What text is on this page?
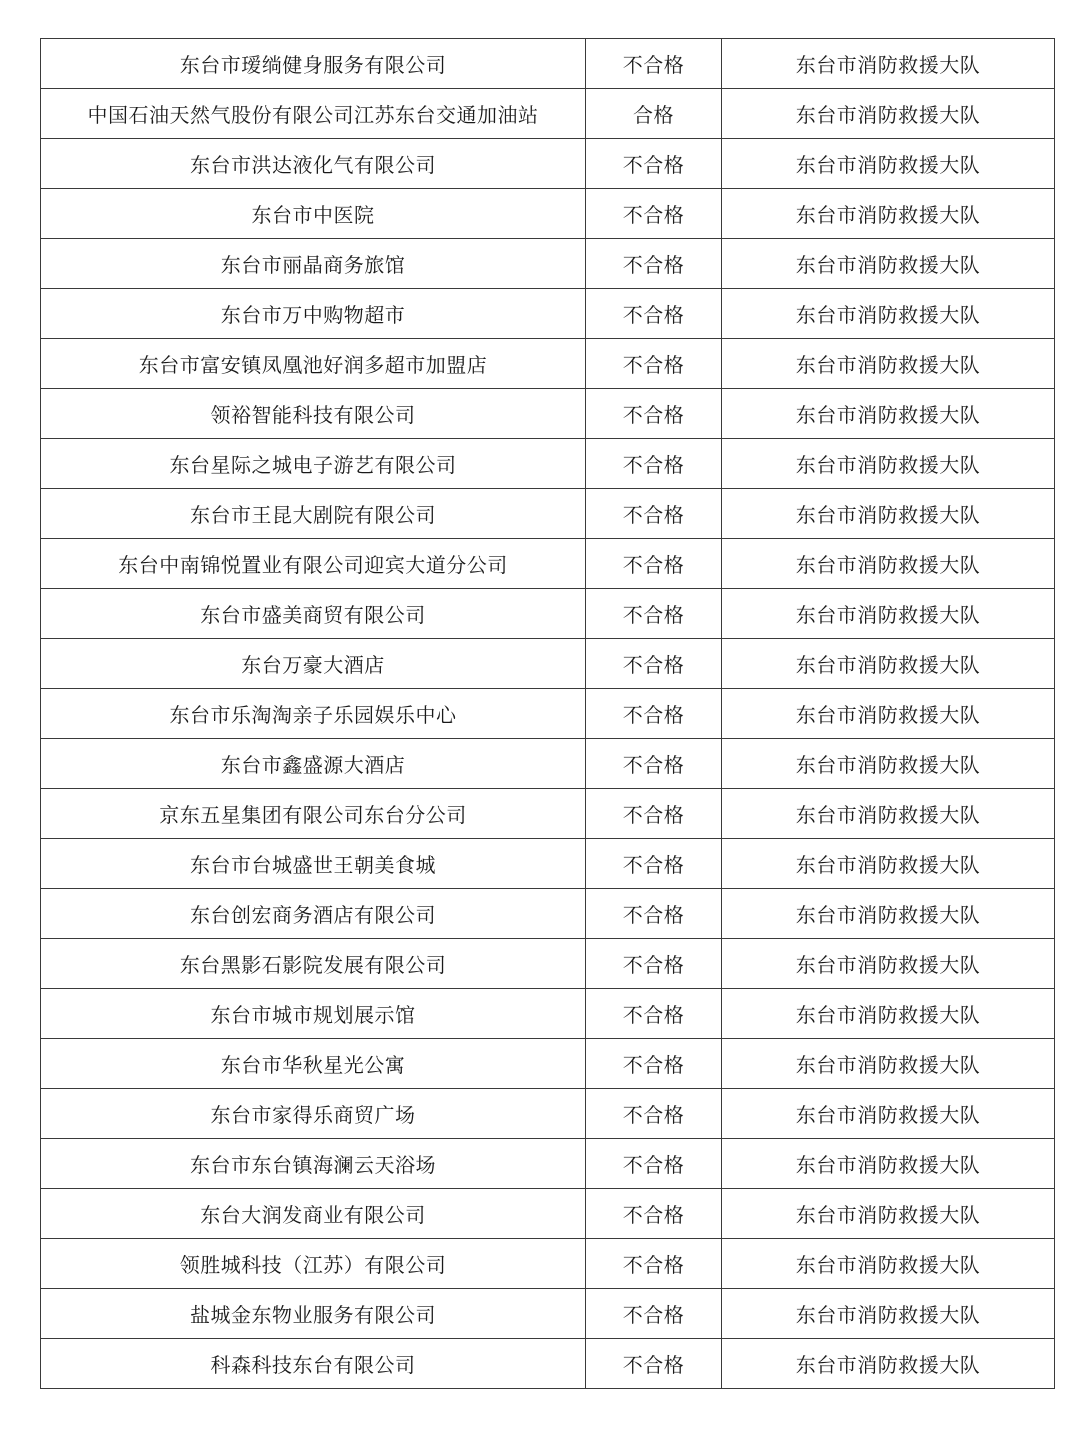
东台市瑷绱健身服务有限公司	不合格	东台市消防救援大队
中国石油天然气股份有限公司江苏东台交通加油站	合格	东台市消防救援大队
东台市洪达液化气有限公司	不合格	东台市消防救援大队
东台市中医院	不合格	东台市消防救援大队
东台市丽晶商务旅馆	不合格	东台市消防救援大队
东台市万中购物超市	不合格	东台市消防救援大队
东台市富安镇凤凰池好润多超市加盟店	不合格	东台市消防救援大队
领裕智能科技有限公司	不合格	东台市消防救援大队
东台星际之城电子游艺有限公司	不合格	东台市消防救援大队
东台市王昆大剧院有限公司	不合格	东台市消防救援大队
东台中南锦悦置业有限公司迎宾大道分公司	不合格	东台市消防救援大队
东台市盛美商贸有限公司	不合格	东台市消防救援大队
东台万豪大酒店	不合格	东台市消防救援大队
东台市乐淘淘亲子乐园娱乐中心	不合格	东台市消防救援大队
东台市鑫盛源大酒店	不合格	东台市消防救援大队
京东五星集团有限公司东台分公司	不合格	东台市消防救援大队
东台市台城盛世王朝美食城	不合格	东台市消防救援大队
东台创宏商务酒店有限公司	不合格	东台市消防救援大队
东台黑影石影院发展有限公司	不合格	东台市消防救援大队
东台市城市规划展示馆	不合格	东台市消防救援大队
东台市华秋星光公寓	不合格	东台市消防救援大队
东台市家得乐商贸广场	不合格	东台市消防救援大队
东台市东台镇海澜云天浴场	不合格	东台市消防救援大队
东台大润发商业有限公司	不合格	东台市消防救援大队
领胜城科技（江苏）有限公司	不合格	东台市消防救援大队
盐城金东物业服务有限公司	不合格	东台市消防救援大队
科森科技东台有限公司	不合格	东台市消防救援大队
